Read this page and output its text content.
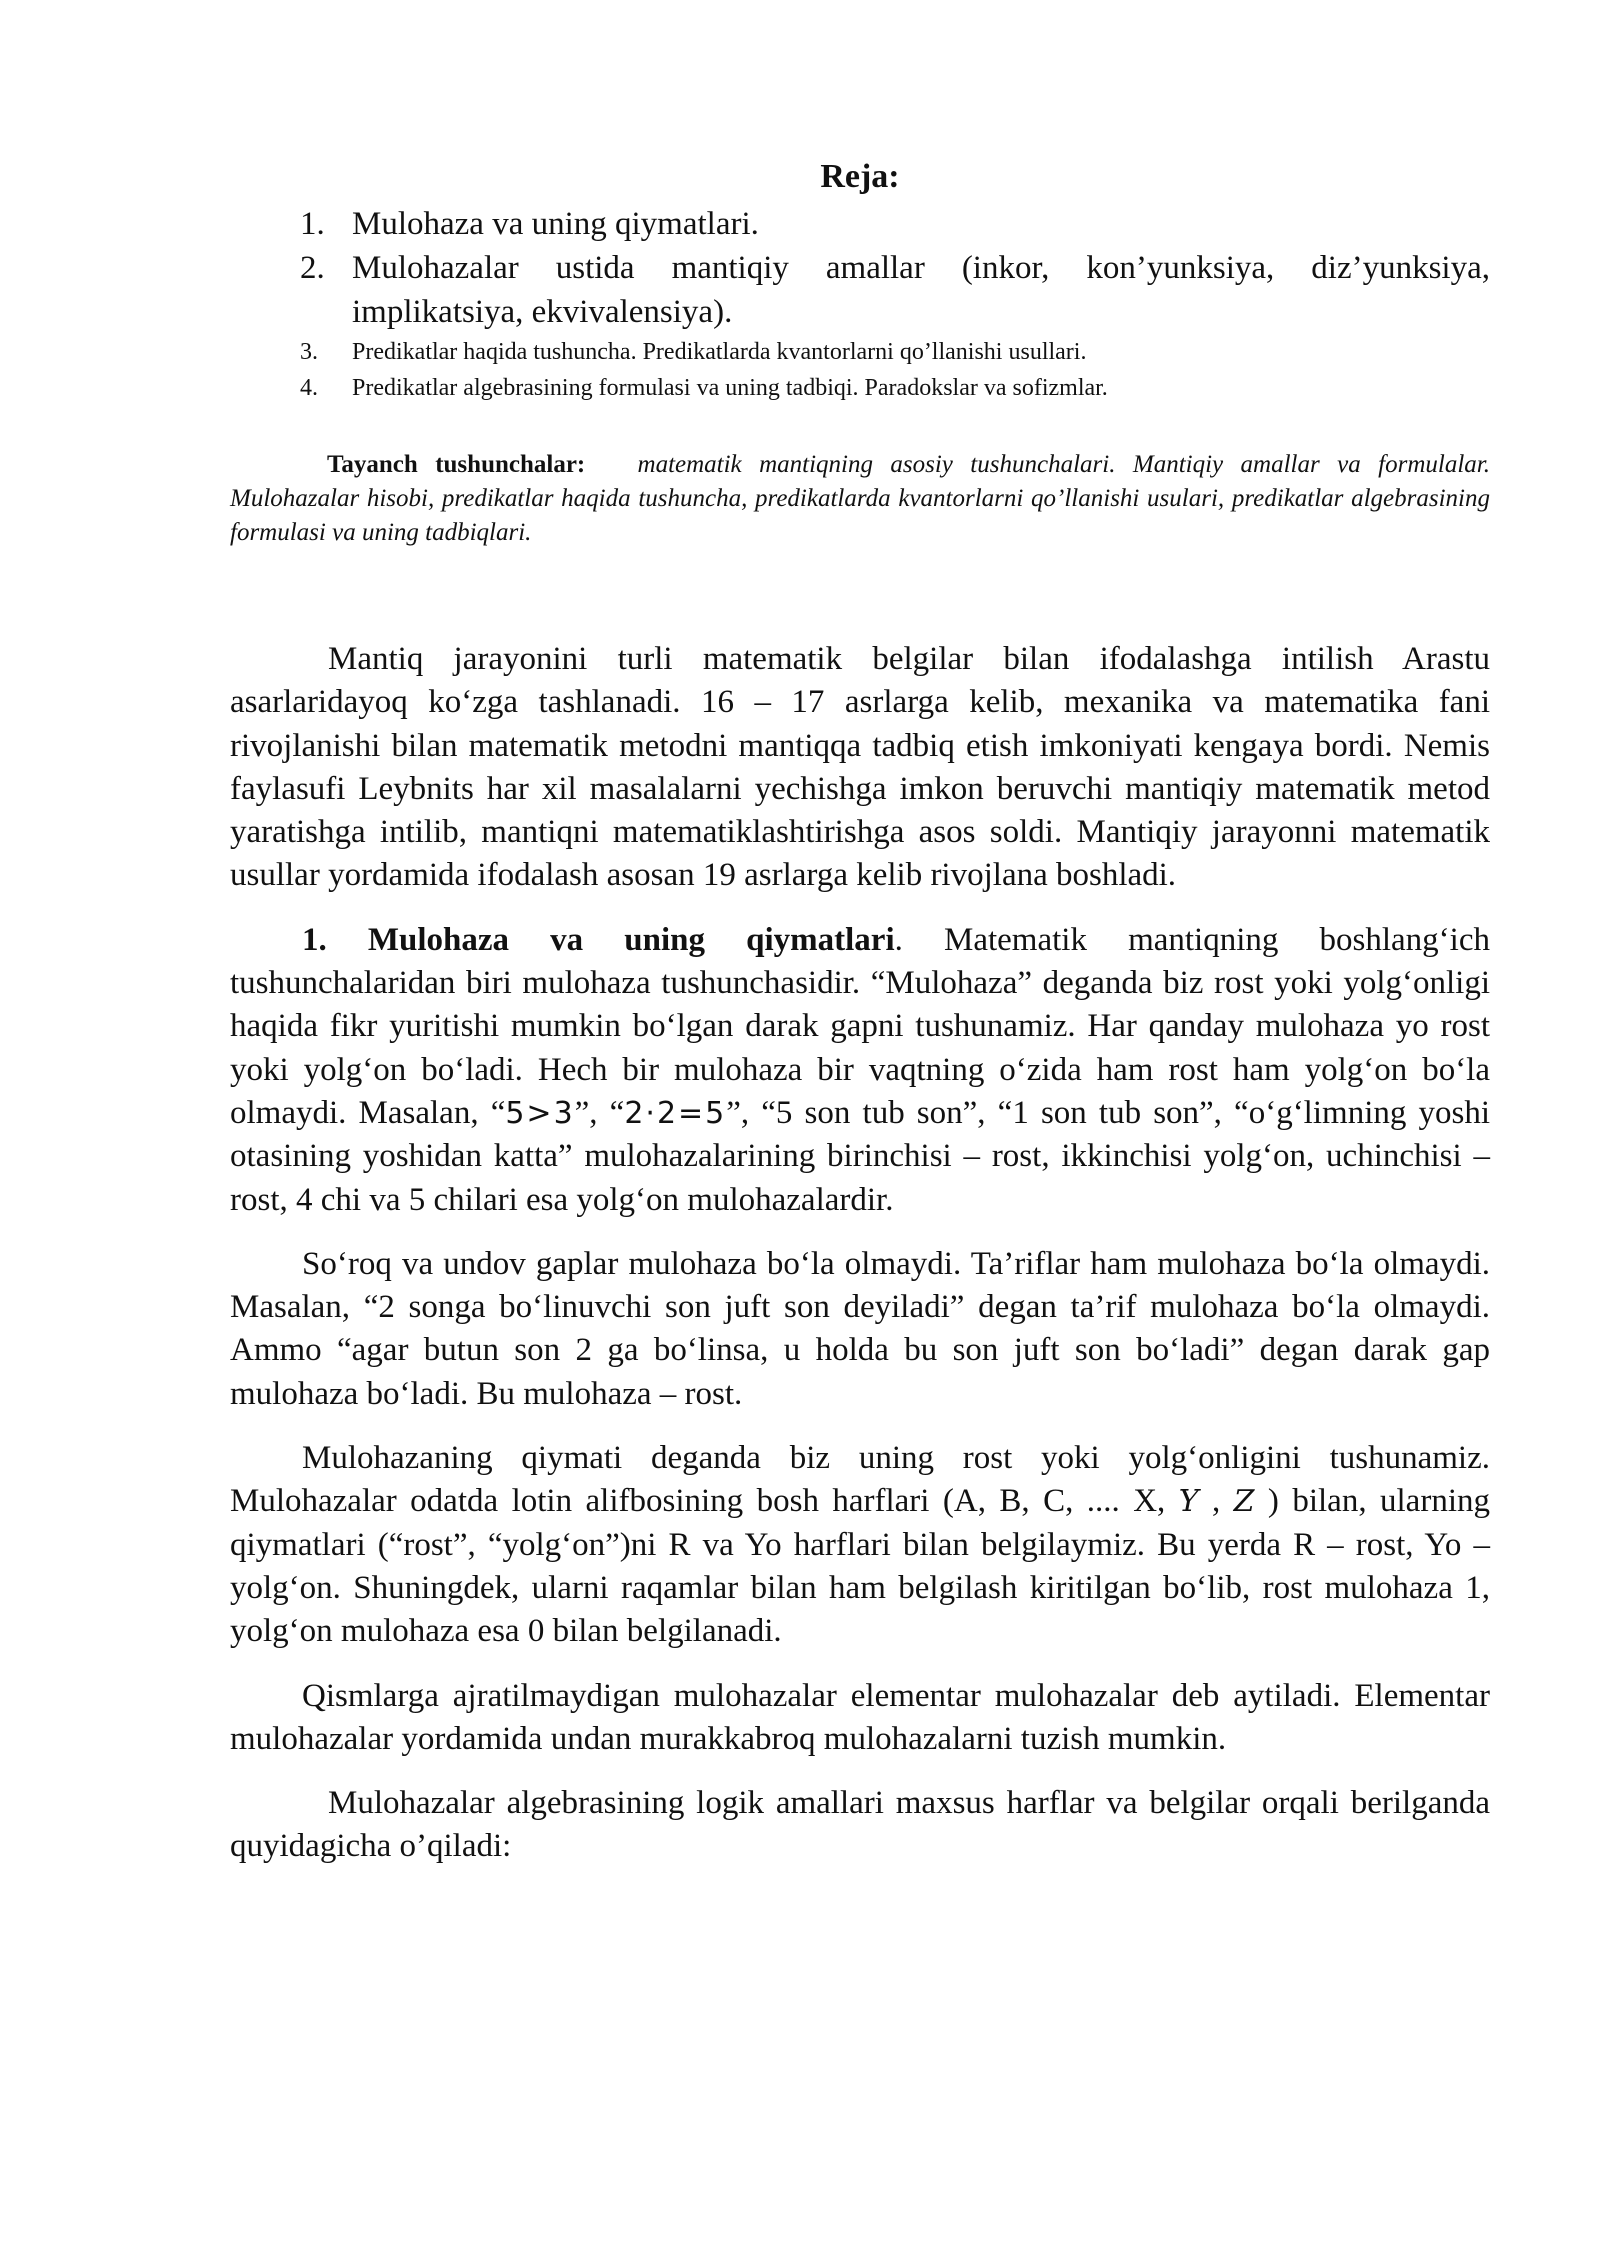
Reja:
1. Mulohaza va uning qiymatlari.
2. Mulohazalar ustida mantiqiy amallar (inkor, kon’yunksiya, diz’yunksiya, implikatsiya, ekvivalensiya).
3. Predikatlar haqida tushuncha. Predikatlarda kvantorlarni qo’llanishi usullari.
4. Predikatlar algebrasining formulasi va uning tadbiqi. Paradokslar va sofizmlar.
Tayanch tushunchalar: matematik mantiqning asosiy tushunchalari. Mantiqiy amallar va formulalar. Mulohazalar hisobi, predikatlar haqida tushuncha, predikatlarda kvantorlarni qo’llanishi usulari, predikatlar algebrasining formulasi va uning tadbiqlari.

Mantiq jarayonini turli matematik belgilar bilan ifodalashga intilish Arastu asarlaridayoq ko‘zga tashlanadi. 16 – 17 asrlarga kelib, mexanika va matematika fani rivojlanishi bilan matematik metodni mantiqqa tadbiq etish imkoniyati kengaya bordi. Nemis faylasufi Leybnits har xil masalalarni yechishga imkon beruvchi mantiqiy matematik metod yaratishga intilib, mantiqni matematiklashtirishga asos soldi. Mantiqiy jarayonni matematik usullar yordamida ifodalash asosan 19 asrlarga kelib rivojlana boshladi.

1. Mulohaza va uning qiymatlari. Matematik mantiqning boshlang‘ich tushunchalaridan biri mulohaza tushunchasidir. “Mulohaza” deganda biz rost yoki yolg‘onligi haqida fikr yuritishi mumkin bo‘lgan darak gapni tushunamiz. Har qanday mulohaza yo rost yoki yolg‘on bo‘ladi. Hech bir mulohaza bir vaqtning o‘zida ham rost ham yolg‘on bo‘la olmaydi. Masalan, “5>3”, “2·2=5”, “5 son tub son”, “1 son tub son”, “o‘g‘limning yoshi otasining yoshidan katta” mulohazalarining birinchisi – rost, ikkinchisi yolg‘on, uchinchisi – rost, 4 chi va 5 chilari esa yolg‘on mulohazalardir.

So‘roq va undov gaplar mulohaza bo‘la olmaydi. Ta’riflar ham mulohaza bo‘la olmaydi. Masalan, “2 songa bo‘linuvchi son juft son deyiladi” degan ta’rif mulohaza bo‘la olmaydi. Ammo “agar butun son 2 ga bo‘linsa, u holda bu son juft son bo‘ladi” degan darak gap mulohaza bo‘ladi. Bu mulohaza – rost.

Mulohazaning qiymati deganda biz uning rost yoki yolg‘onligini tushunamiz. Mulohazalar odatda lotin alifbosining bosh harflari (A, B, C, .... X, Y , Z ) bilan, ularning qiymatlari (“rost”, “yolg‘on”)ni R va Yo harflari bilan belgilaymiz. Bu yerda R – rost, Yo – yolg‘on. Shuningdek, ularni raqamlar bilan ham belgilash kiritilgan bo‘lib, rost mulohaza 1, yolg‘on mulohaza esa 0 bilan belgilanadi.

Qismlarga ajratilmaydigan mulohazalar elementar mulohazalar deb aytiladi. Elementar mulohazalar yordamida undan murakkabroq mulohazalarni tuzish mumkin.

Mulohazalar algebrasining logik amallari maxsus harflar va belgilar orqali berilganda quyidagicha o’qiladi:
